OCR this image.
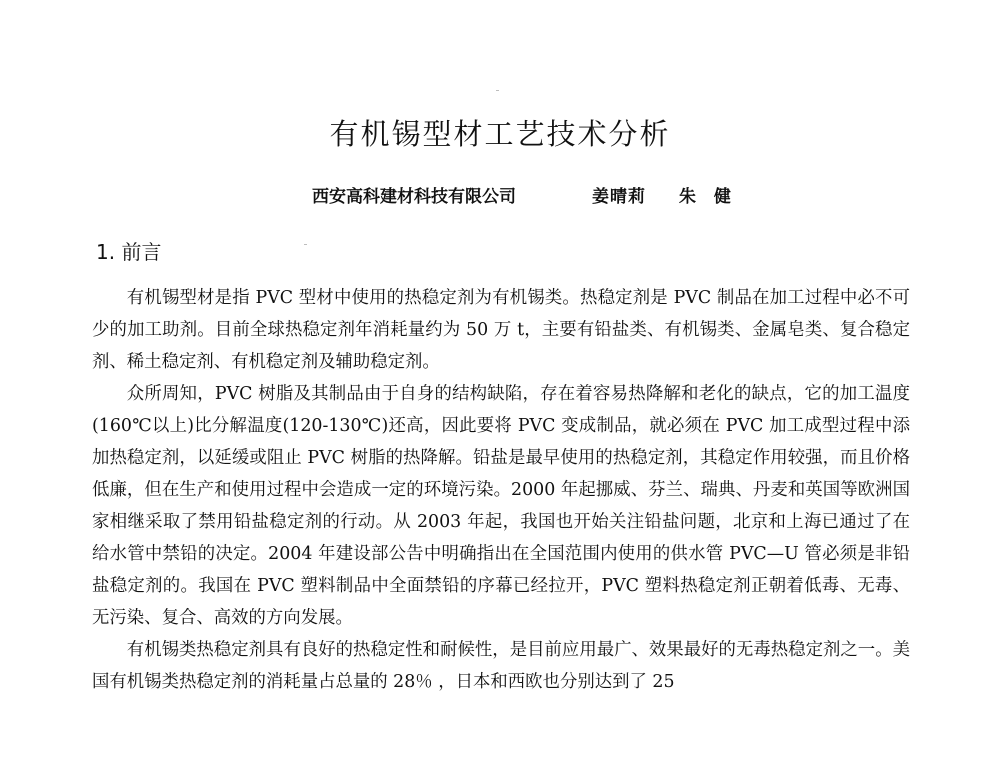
有机锡型材工艺技术分析
西安高科建材科技有限公司	姜晴莉 朱 健
1. 前言

有机锡型材是指 PVC 型材中使用的热稳定剂为有机锡类。热稳定剂是 PVC 制品在加工过程中必不可少的加工助剂。目前全球热稳定剂年消耗量约为 50 万 t，主要有铅盐类、有机锡类、金属皂类、复合稳定剂、稀土稳定剂、有机稳定剂及辅助稳定剂。

众所周知，PVC 树脂及其制品由于自身的结构缺陷，存在着容易热降解和老化的缺点，它的加工温度(160℃以上)比分解温度(120-130℃)还高，因此要将 PVC 变成制品，就必须在 PVC 加工成型过程中添加热稳定剂，以延缓或阻止 PVC 树脂的热降解。铅盐是最早使用的热稳定剂，其稳定作用较强，而且价格低廉，但在生产和使用过程中会造成一定的环境污染。2000 年起挪威、芬兰、瑞典、丹麦和英国等欧洲国家相继采取了禁用铅盐稳定剂的行动。从 2003 年起，我国也开始关注铅盐问题，北京和上海已通过了在给水管中禁铅的决定。2004 年建设部公告中明确指出在全国范围内使用的供水管 PVC—U 管必须是非铅盐稳定剂的。我国在 PVC 塑料制品中全面禁铅的序幕已经拉开，PVC 塑料热稳定剂正朝着低毒、无毒、无污染、复合、高效的方向发展。

有机锡类热稳定剂具有良好的热稳定性和耐候性，是目前应用最广、效果最好的无毒热稳定剂之一。美国有机锡类热稳定剂的消耗量占总量的 28％ ，日本和西欧也分别达到了 25
